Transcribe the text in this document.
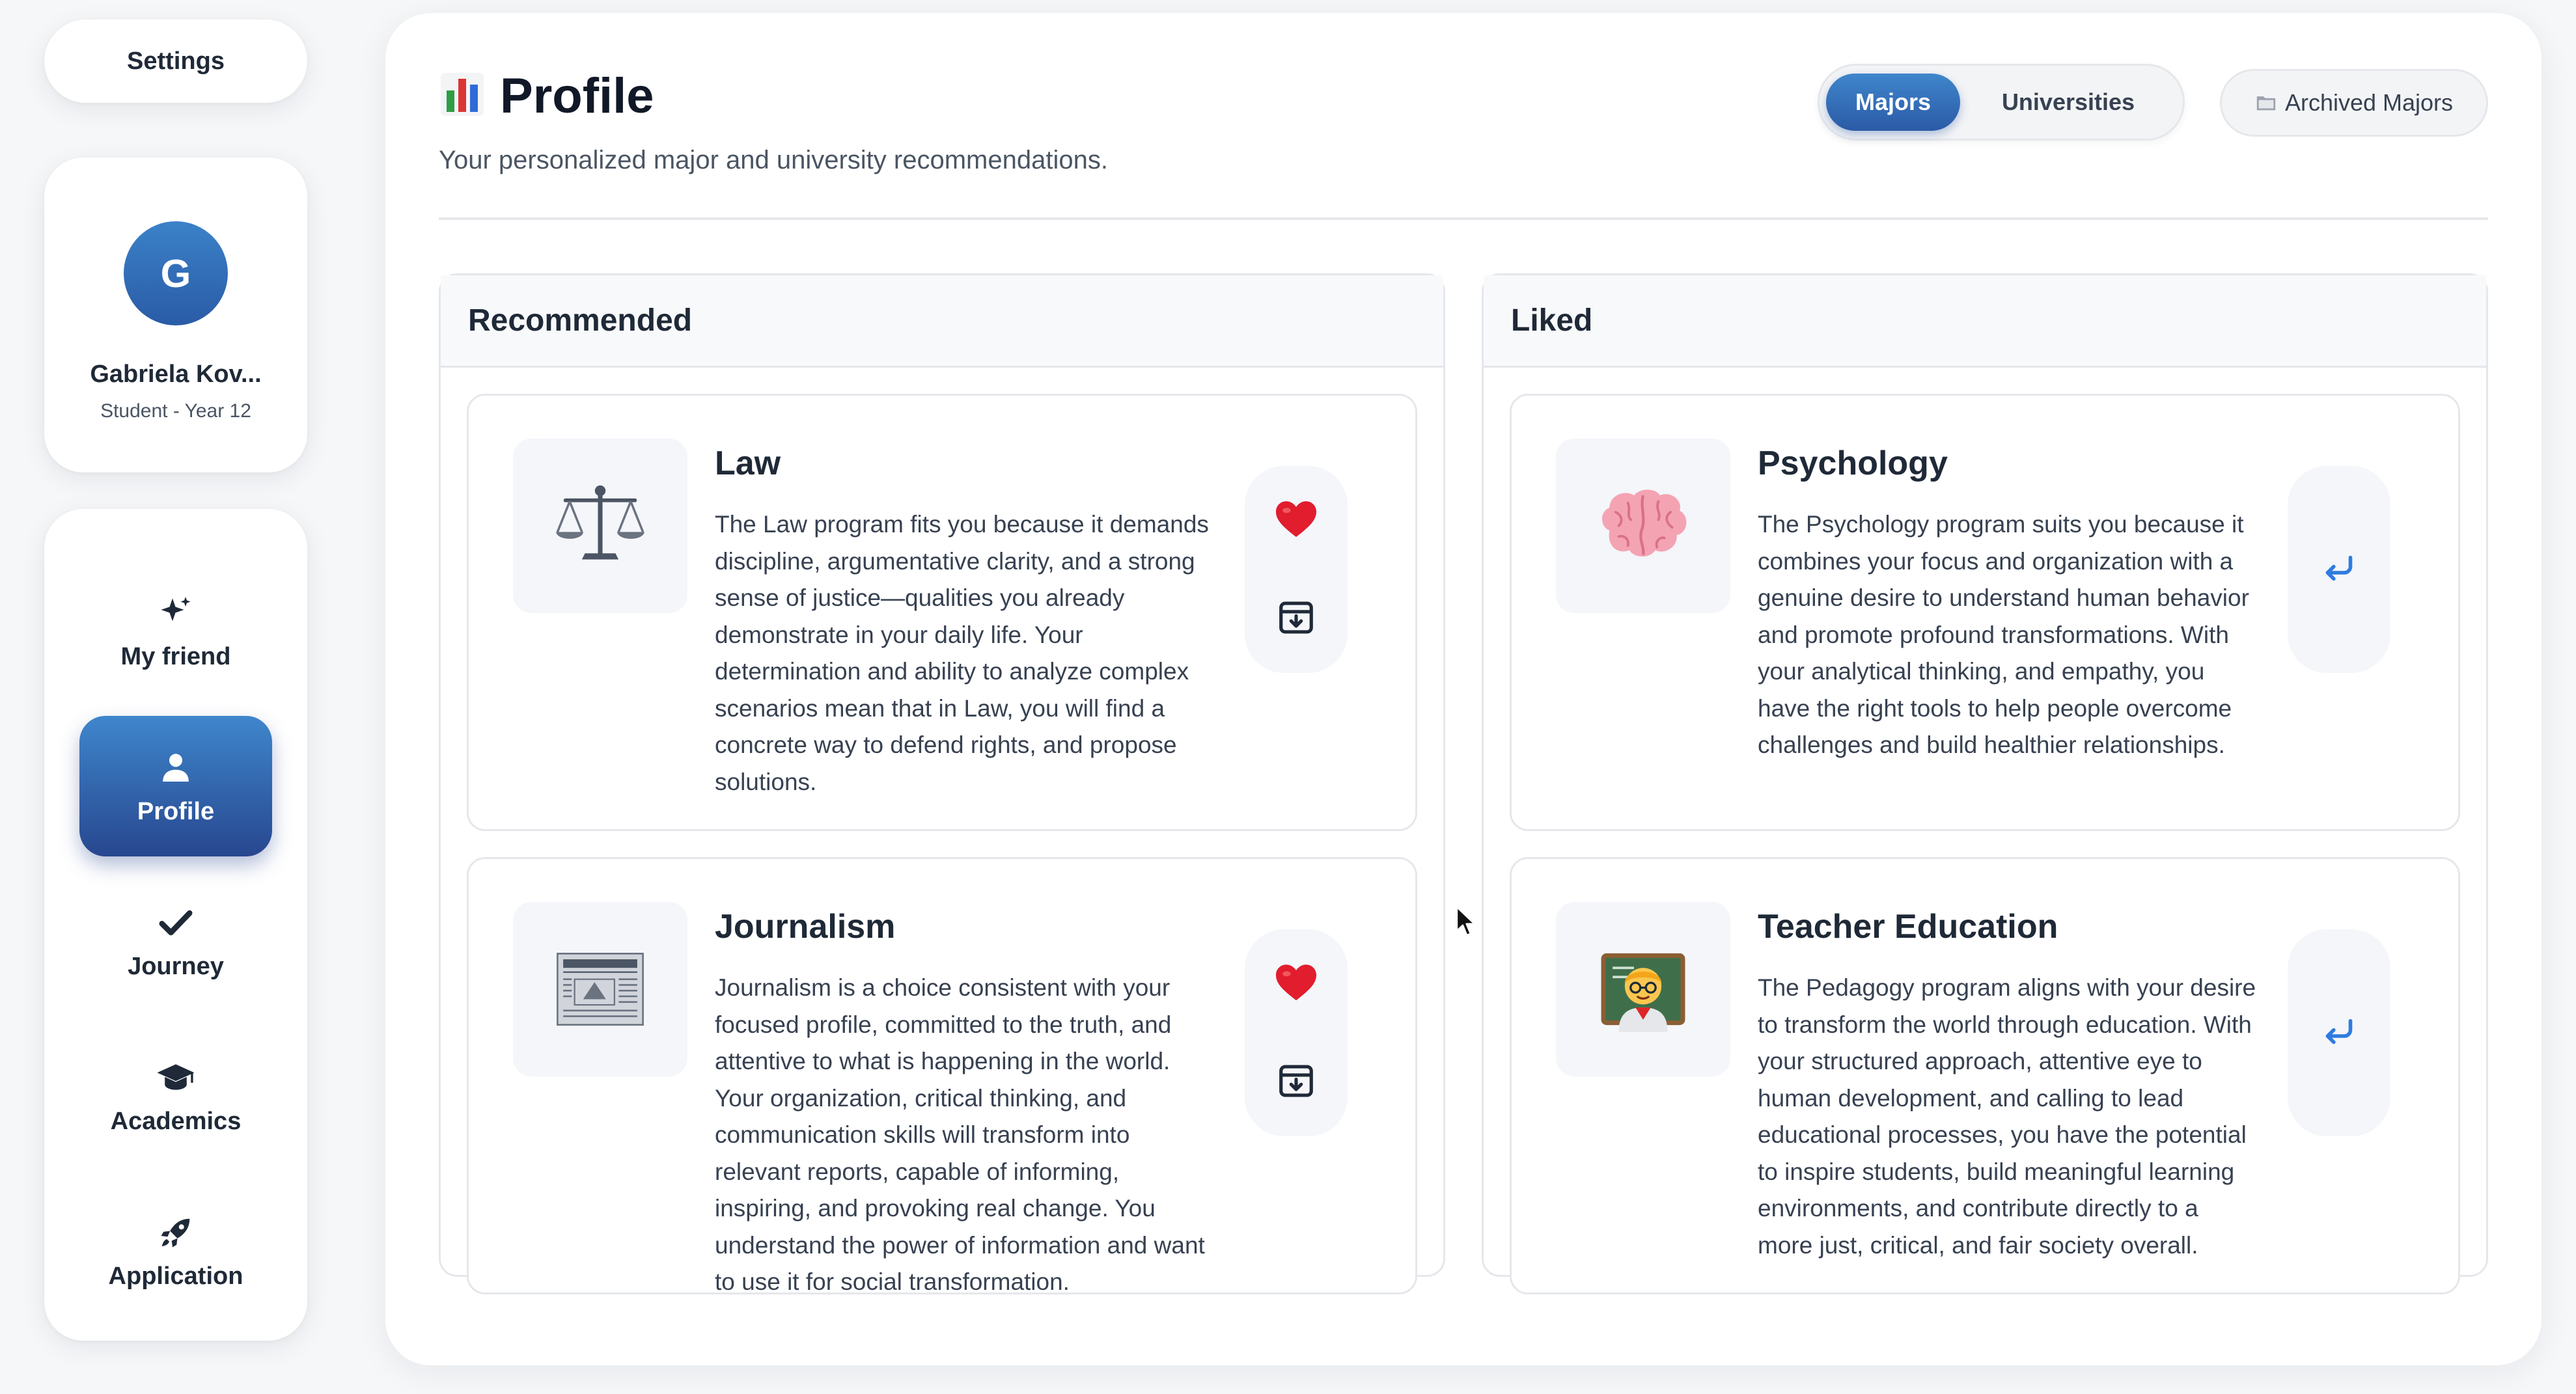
Settings
G
Gabriela Kov...
Student - Year 12
My friend
Profile
Journey
Academics
Application
Profile

Your personalized major and university recommendations.

Majors	Universities	Archived Majors
Recommended
Law
The Law program fits you because it demands discipline, argumentative clarity, and a strong sense of justice—qualities you already demonstrate in your daily life. Your determination and ability to analyze complex scenarios mean that in Law, you will find a concrete way to defend rights, and propose solutions.
Journalism
Journalism is a choice consistent with your focused profile, committed to the truth, and attentive to what is happening in the world. Your organization, critical thinking, and communication skills will transform into relevant reports, capable of informing, inspiring, and provoking real change. You understand the power of information and want to use it for social transformation.
Liked
Psychology
The Psychology program suits you because it combines your focus and organization with a genuine desire to understand human behavior and promote profound transformations. With your analytical thinking, and empathy, you have the right tools to help people overcome challenges and build healthier relationships.
Teacher Education
The Pedagogy program aligns with your desire to transform the world through education. With your structured approach, attentive eye to human development, and calling to lead educational processes, you have the potential to inspire students, build meaningful learning environments, and contribute directly to a more just, critical, and fair society overall.
